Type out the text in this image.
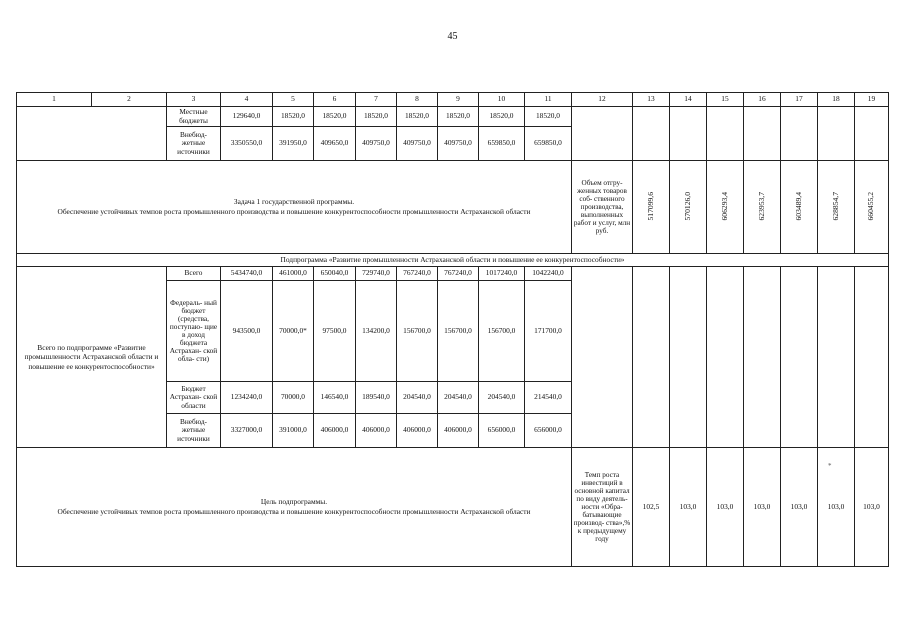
45
1	2	3	4	5	6	7	8	9	10	11	12	13	14	15	16	17	18	19	
		Местные бюджеты	129640,0	18520,0	18520,0	18520,0	18520,0	18520,0	18520,0	18520,0									
		Внебюд- жетные источники	3350550,0	391950,0	409650,0	409750,0	409750,0	409750,0	659850,0	659850,0									

Задача 1 государственной программы.
Обеспечение устойчивых темпов роста промышленного производства и повышение конкурентоспособности промышленности Астраханской области											Объем отгру- женных товаров соб- ственного производства, выполненных работ и услуг, млн руб.	517099,6	570126,0	606293,4	623953,7	603489,4	628854,7	660455,2	
Подпрограмма «Развитие промышленности Астраханской области и повышение ее конкурентоспособности»																			
Всего по подпрограмме «Развитие промышленности Астраханской области и повышение ее конкурентоспособности»		Всего	5434740,0	461000,0	650040,0	729740,0	767240,0	767240,0	1017240,0	1042240,0									
		Федераль- ный бюджет (средства, поступаю- щие в доход бюджета Астрахан- ской обла- сти)	943500,0	70000,0*	97500,0	134200,0	156700,0	156700,0	156700,0	171700,0									
		Бюджет Астрахан- ской области	1234240,0	70000,0	146540,0	189540,0	204540,0	204540,0	204540,0	214540,0									
		Внебюд- жетные источники	3327000,0	391000,0	406000,0	406000,0	406000,0	406000,0	656000,0	656000,0									

Цель подпрограммы.
Обеспечение устойчивых темпов роста промышленного производства и повышение конкурентоспособности промышленности Астраханской области											Темп роста инвестиций в основной капитал по виду деятель- ности «Обра- батывающие производ- ства»,% к предыдущему году	102,5	103,0	103,0	103,0	103,0	103,0	103,0	
*
